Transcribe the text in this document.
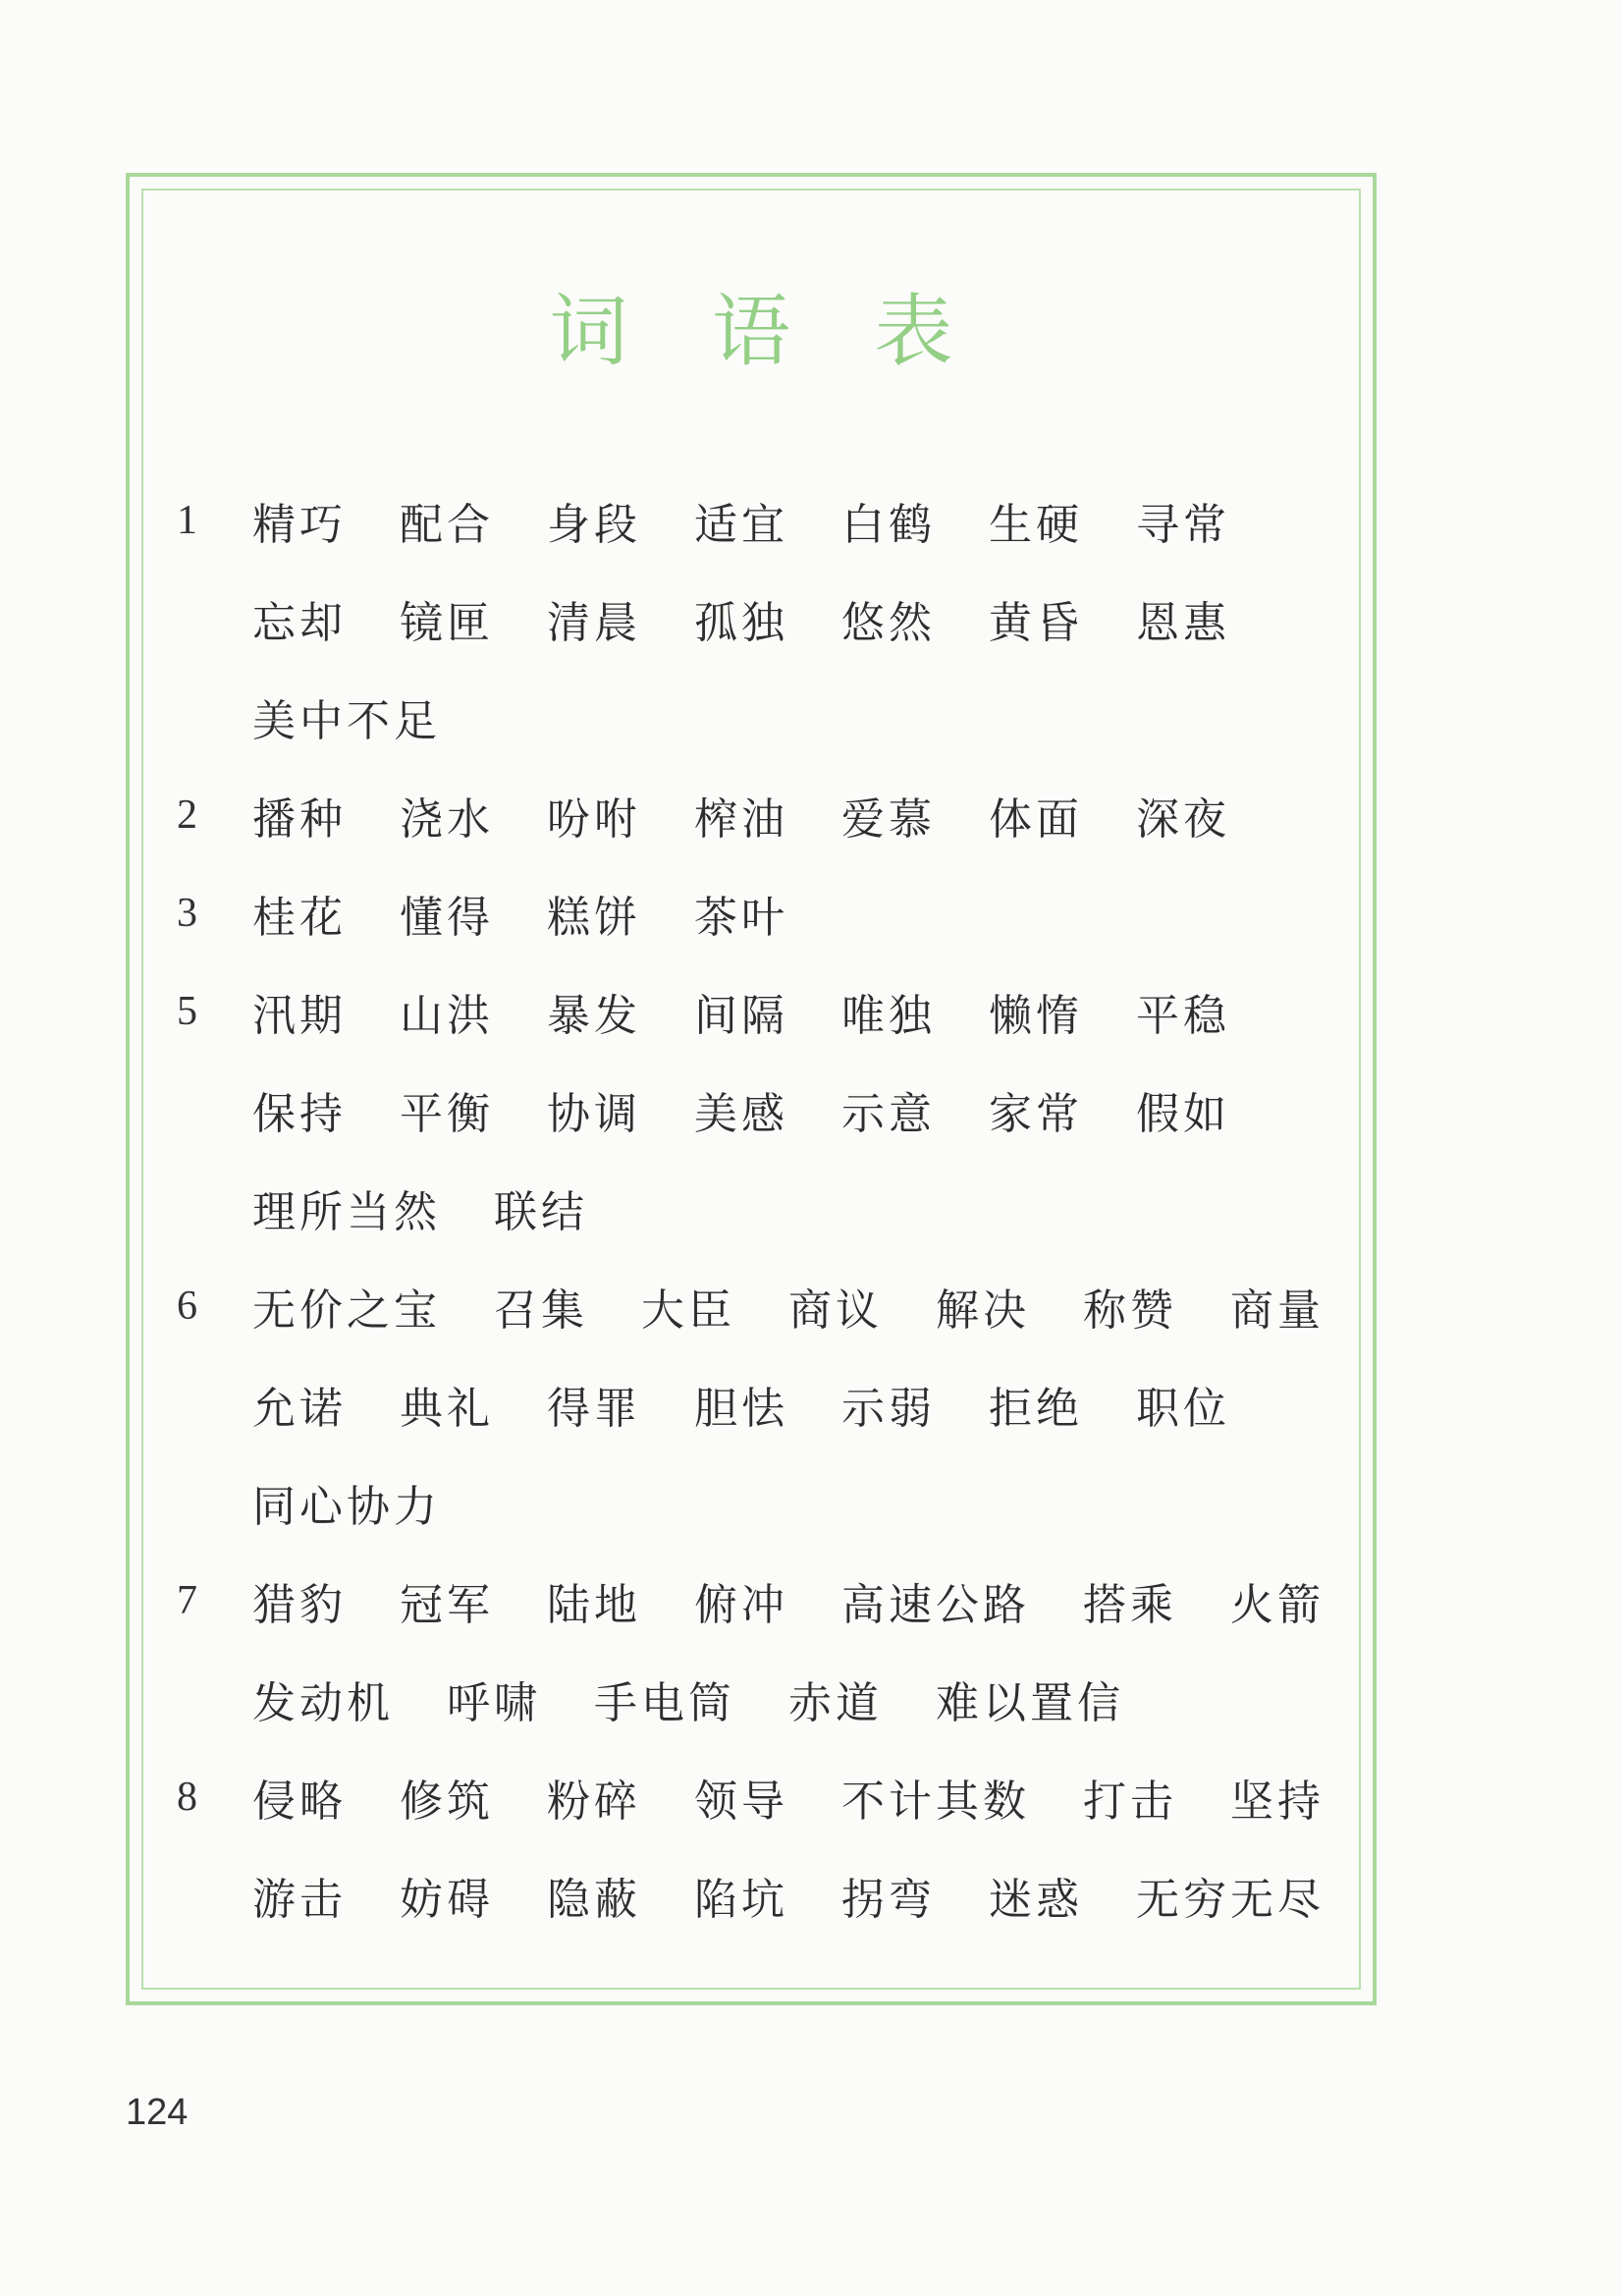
词 语 表
1	精巧 配合 身段 适宜 白鹤 生硬 寻常
忘却 镜匣 清晨 孤独 悠然 黄昏 恩惠
美中不足
2	播种 浇水 吩咐 榨油 爱慕 体面 深夜
3	桂花 懂得 糕饼 茶叶
5	汛期 山洪 暴发 间隔 唯独 懒惰 平稳
保持 平衡 协调 美感 示意 家常 假如
理所当然 联结
6	无价之宝 召集 大臣 商议 解决 称赞 商量
允诺 典礼 得罪 胆怯 示弱 拒绝 职位
同心协力
7	猎豹 冠军 陆地 俯冲 高速公路 搭乘 火箭
发动机 呼啸 手电筒 赤道 难以置信
8	侵略 修筑 粉碎 领导 不计其数 打击 坚持
游击 妨碍 隐蔽 陷坑 拐弯 迷惑 无穷无尽
124
